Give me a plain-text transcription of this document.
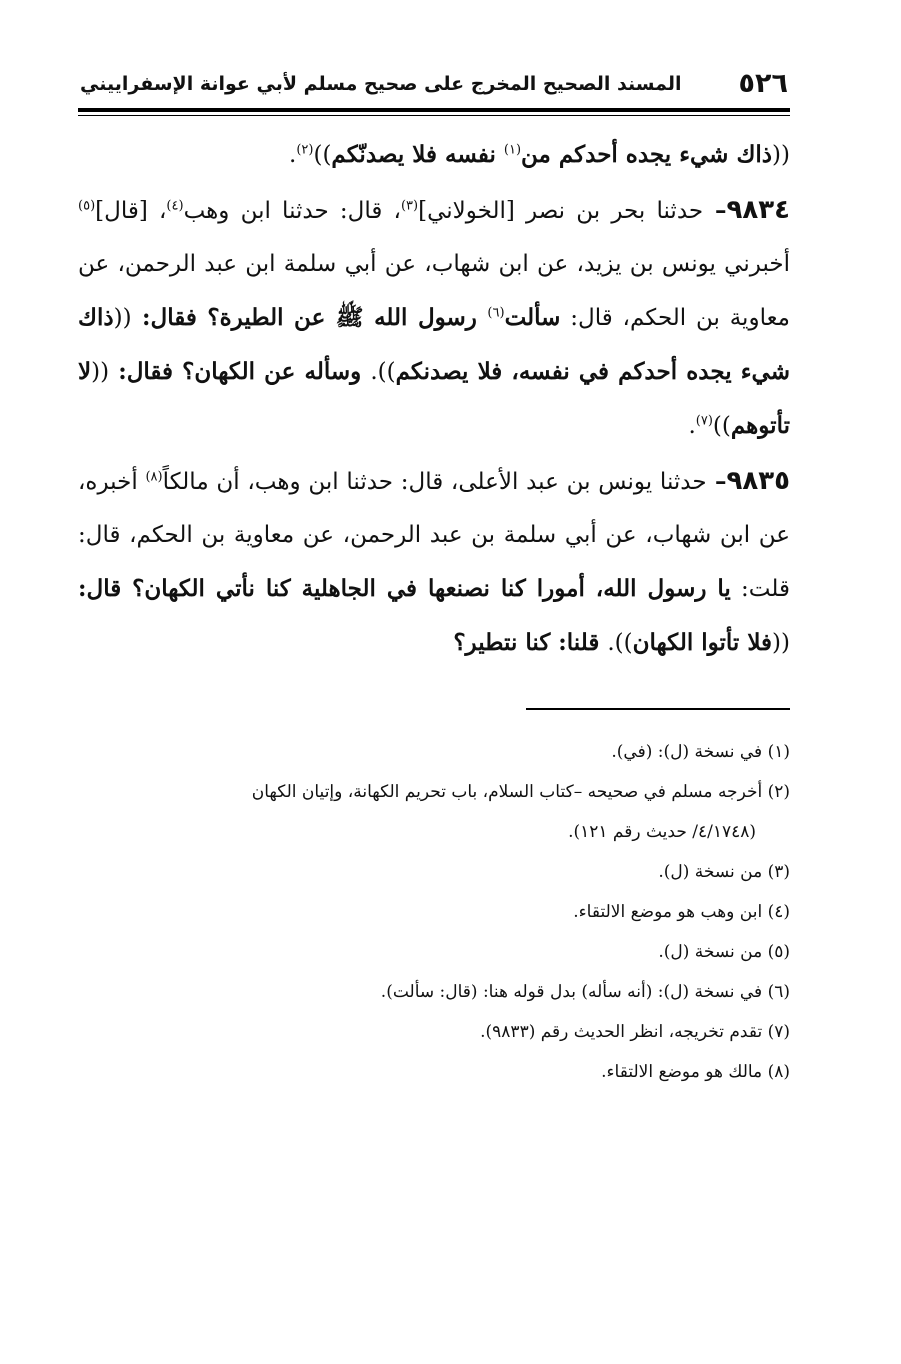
٥٢٦
المسند الصحيح المخرج على صحيح مسلم لأبي عوانة الإسفراييني

((ذاك شيء يجده أحدكم من$^{(١)}$ نفسه فلا يصدنّكم))$^{(٢)}$.

٩٨٣٤– حدثنا بحر بن نصر [الخولاني]$^{(٣)}$، قال: حدثنا ابن وهب$^{(٤)}$، [قال]$^{(٥)}$ أخبرني يونس بن يزيد، عن ابن شهاب، عن أبي سلمة ابن عبد الرحمن، عن معاوية بن الحكم، قال: سألت$^{(٦)}$ رسول الله ﷺ عن الطيرة؟ فقال: ((ذاك شيء يجده أحدكم في نفسه، فلا يصدنكم)). وسأله عن الكهان؟ فقال: ((لا تأتوهم))$^{(٧)}$.

٩٨٣٥– حدثنا يونس بن عبد الأعلى، قال: حدثنا ابن وهب، أن مالكاً$^{(٨)}$ أخبره، عن ابن شهاب، عن أبي سلمة بن عبد الرحمن، عن معاوية بن الحكم، قال: قلت: يا رسول الله، أمورا كنا نصنعها في الجاهلية كنا نأتي الكهان؟ قال: ((فلا تأتوا الكهان)). قلنا: كنا نتطير؟

(١) في نسخة (ل): (في).

(٢) أخرجه مسلم في صحيحه –كتاب السلام، باب تحريم الكهانة، وإتيان الكهان

(٤/١٧٤٨/ حديث رقم ١٢١).

(٣) من نسخة (ل).

(٤) ابن وهب هو موضع الالتقاء.

(٥) من نسخة (ل).

(٦) في نسخة (ل): (أنه سأله) بدل قوله هنا: (قال: سألت).

(٧) تقدم تخريجه، انظر الحديث رقم (٩٨٣٣).

(٨) مالك هو موضع الالتقاء.
